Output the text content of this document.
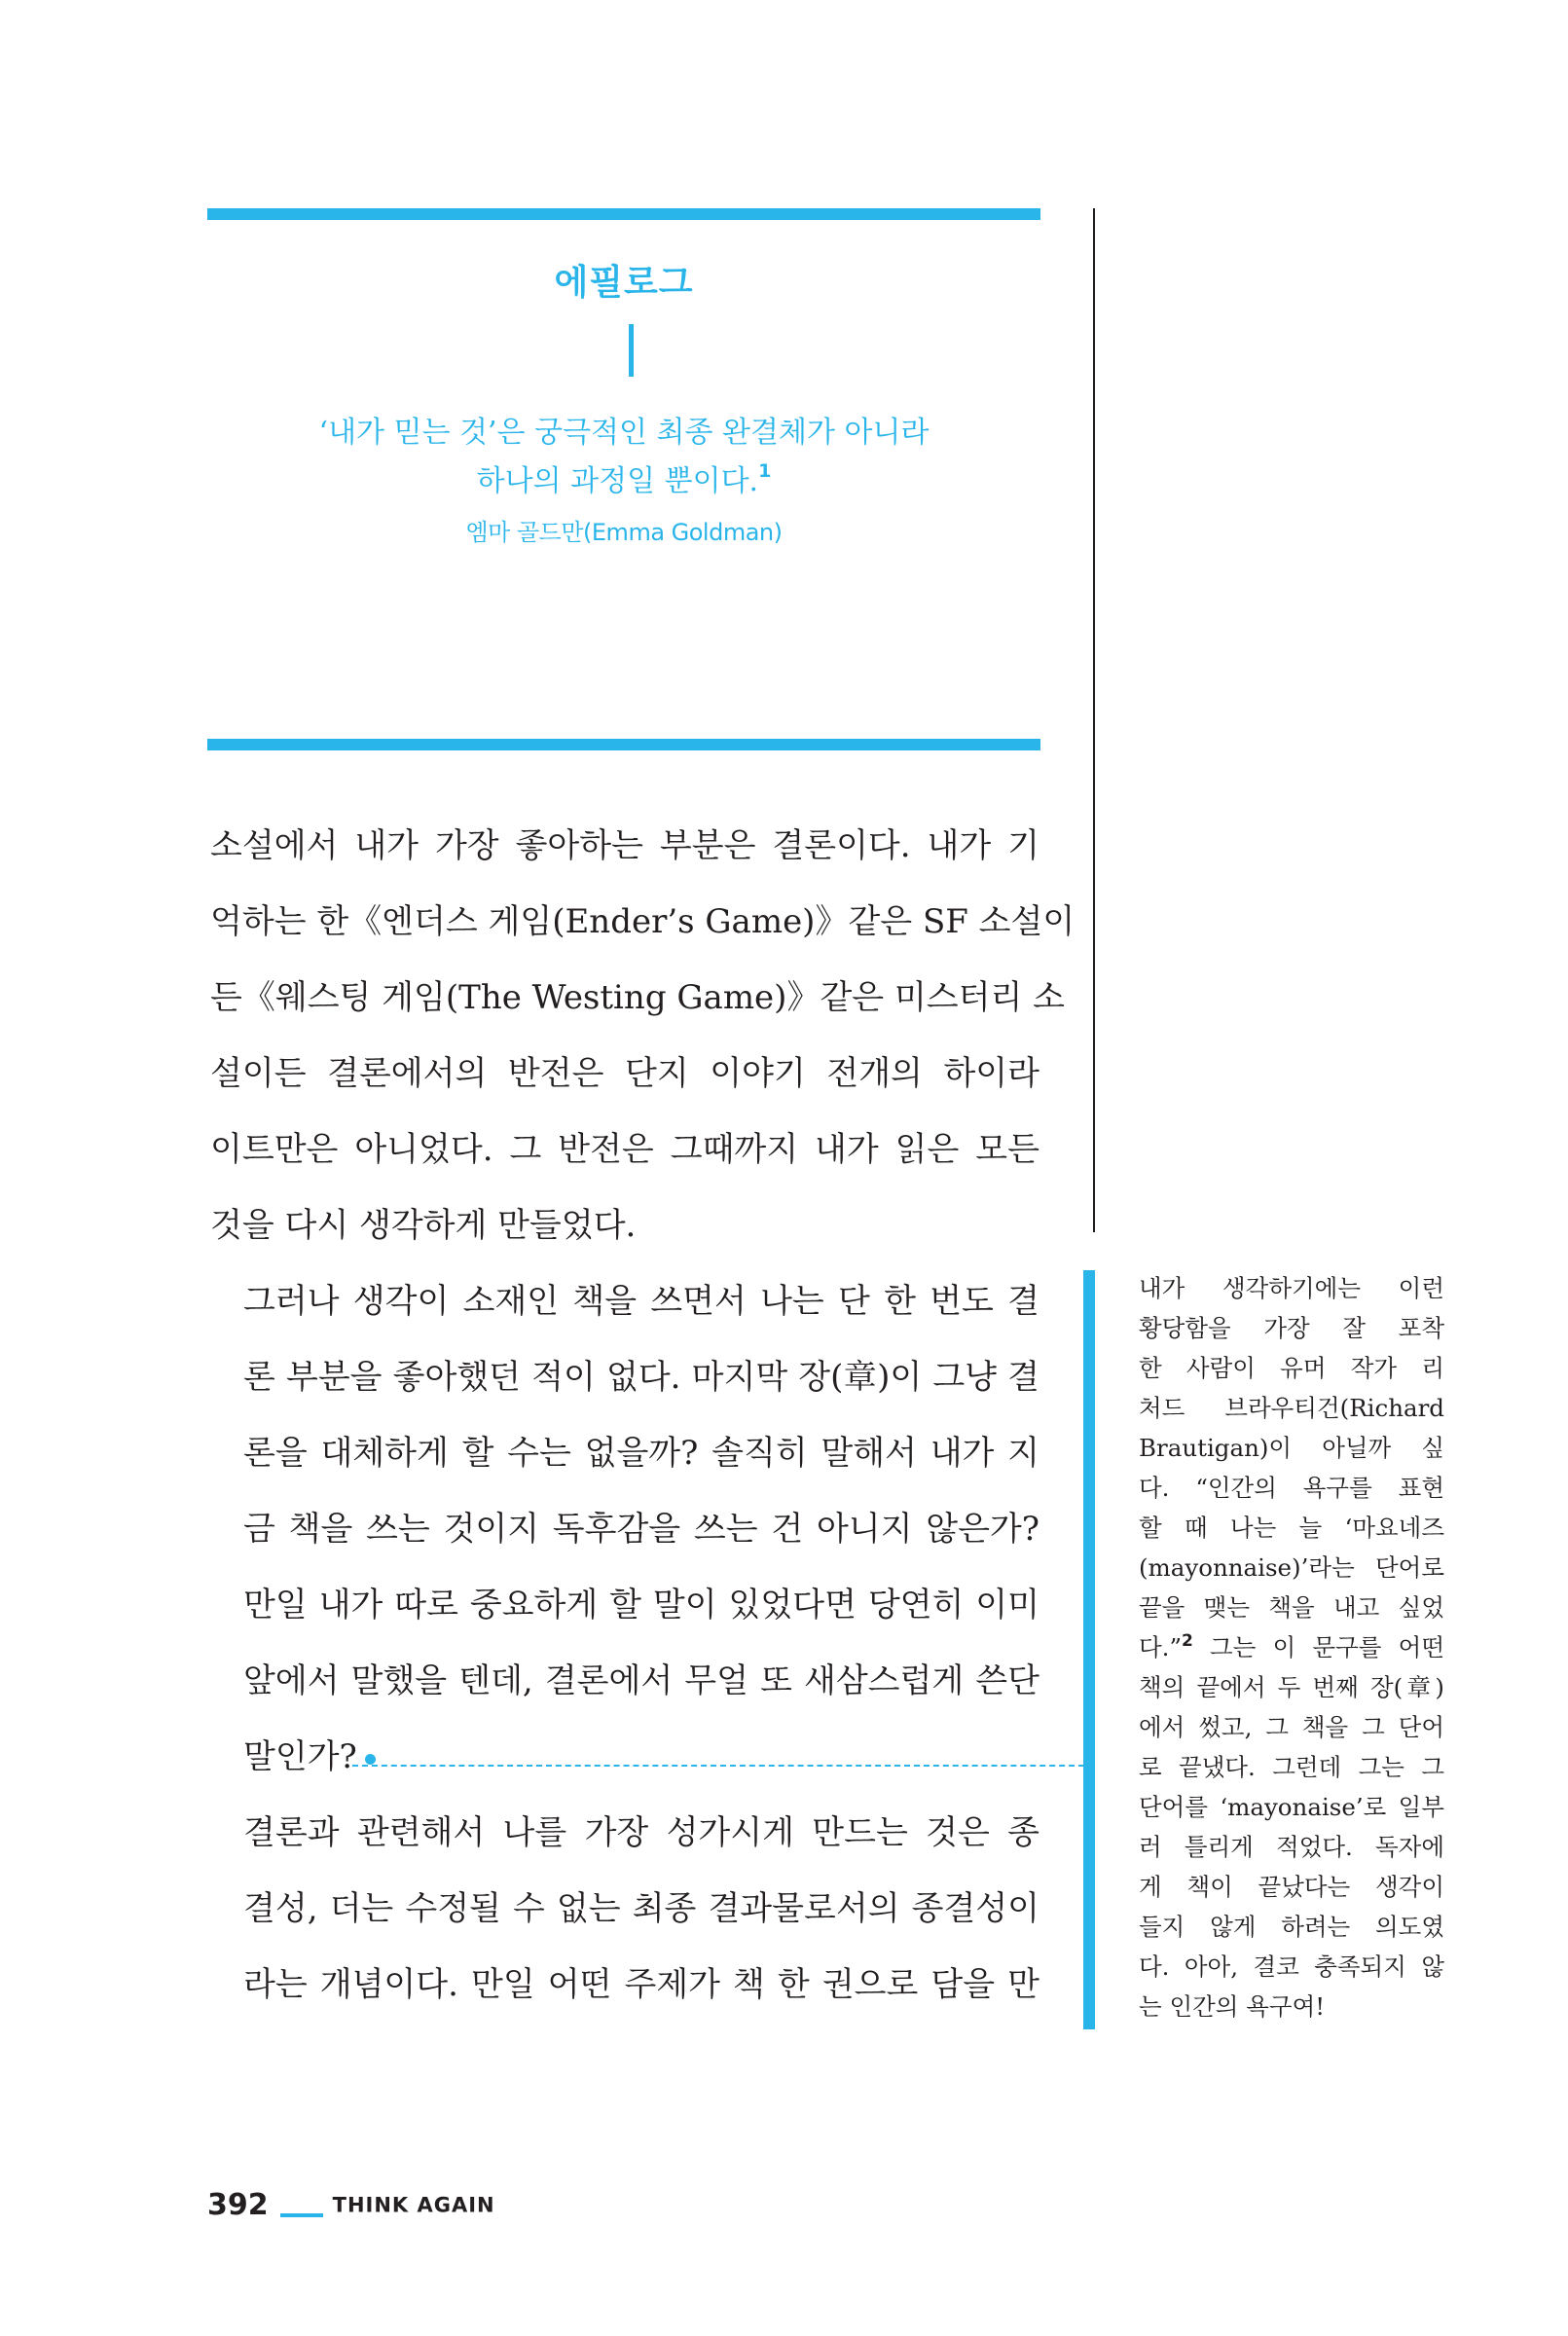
에필로그
‘내가 믿는 것’은 궁극적인 최종 완결체가 아니라
하나의 과정일 뿐이다.$^1$
엠마 골드만(Emma Goldman)

소설에서 내가 가장 좋아하는 부분은 결론이다. 내가 기
억하는 한《엔더스 게임(Ender’s Game)》같은 SF 소설이
든《웨스팅 게임(The Westing Game)》같은 미스터리 소
설이든 결론에서의 반전은 단지 이야기 전개의 하이라
이트만은 아니었다. 그 반전은 그때까지 내가 읽은 모든
것을 다시 생각하게 만들었다.

그러나 생각이 소재인 책을 쓰면서 나는 단 한 번도 결
론 부분을 좋아했던 적이 없다. 마지막 장(章)이 그냥 결
론을 대체하게 할 수는 없을까? 솔직히 말해서 내가 지
금 책을 쓰는 것이지 독후감을 쓰는 건 아니지 않은가?
만일 내가 따로 중요하게 할 말이 있었다면 당연히 이미
앞에서 말했을 텐데, 결론에서 무얼 또 새삼스럽게 쓴단
말인가?

결론과 관련해서 나를 가장 성가시게 만드는 것은 종
결성, 더는 수정될 수 없는 최종 결과물로서의 종결성이
라는 개념이다. 만일 어떤 주제가 책 한 권으로 담을 만

내가 생각하기에는 이런
황당함을 가장 잘 포착
한 사람이 유머 작가 리
처드 브라우티건(Richard
Brautigan)이 아닐까 싶
다. “인간의 욕구를 표현
할 때 나는 늘 ‘마요네즈
(mayonnaise)’라는 단어로
끝을 맺는 책을 내고 싶었
다.”$^2$ 그는 이 문구를 어떤
책의 끝에서 두 번째 장(章)
에서 썼고, 그 책을 그 단어
로 끝냈다. 그런데 그는 그
단어를 ‘mayonaise’로 일부
러 틀리게 적었다. 독자에
게 책이 끝났다는 생각이
들지 않게 하려는 의도였
다. 아아, 결코 충족되지 않
는 인간의 욕구여!
392	THINK AGAIN
